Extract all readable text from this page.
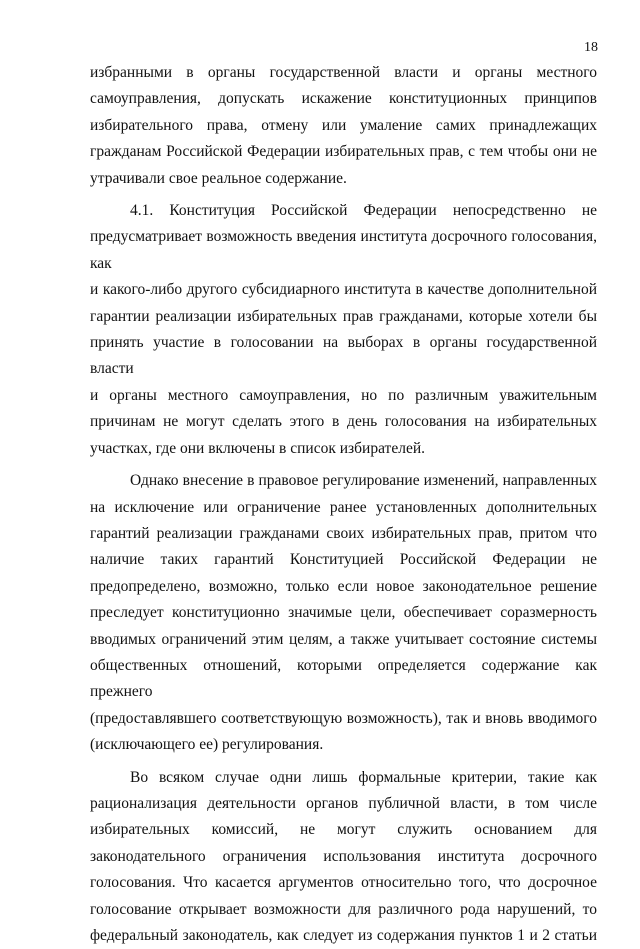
18
избранными в органы государственной власти и органы местного
самоуправления, допускать искажение конституционных принципов
избирательного права, отмену или умаление самих принадлежащих
гражданам Российской Федерации избирательных прав, с тем чтобы они не
утрачивали свое реальное содержание.
4.1. Конституция Российской Федерации непосредственно не
предусматривает возможность введения института досрочного голосования, как
и какого-либо другого субсидиарного института в качестве дополнительной
гарантии реализации избирательных прав гражданами, которые хотели бы
принять участие в голосовании на выборах в органы государственной власти
и органы местного самоуправления, но по различным уважительным
причинам не могут сделать этого в день голосования на избирательных
участках, где они включены в список избирателей.
Однако внесение в правовое регулирование изменений, направленных
на исключение или ограничение ранее установленных дополнительных
гарантий реализации гражданами своих избирательных прав, притом что
наличие таких гарантий Конституцией Российской Федерации не
предопределено, возможно, только если новое законодательное решение
преследует конституционно значимые цели, обеспечивает соразмерность
вводимых ограничений этим целям, а также учитывает состояние системы
общественных отношений, которыми определяется содержание как прежнего
(предоставлявшего соответствующую возможность), так и вновь вводимого
(исключающего ее) регулирования.
Во всяком случае одни лишь формальные критерии, такие как
рационализация деятельности органов публичной власти, в том числе
избирательных комиссий, не могут служить основанием для
законодательного ограничения использования института досрочного
голосования. Что касается аргументов относительно того, что досрочное
голосование открывает возможности для различного рода нарушений, то
федеральный законодатель, как следует из содержания пунктов 1 и 2 статьи
